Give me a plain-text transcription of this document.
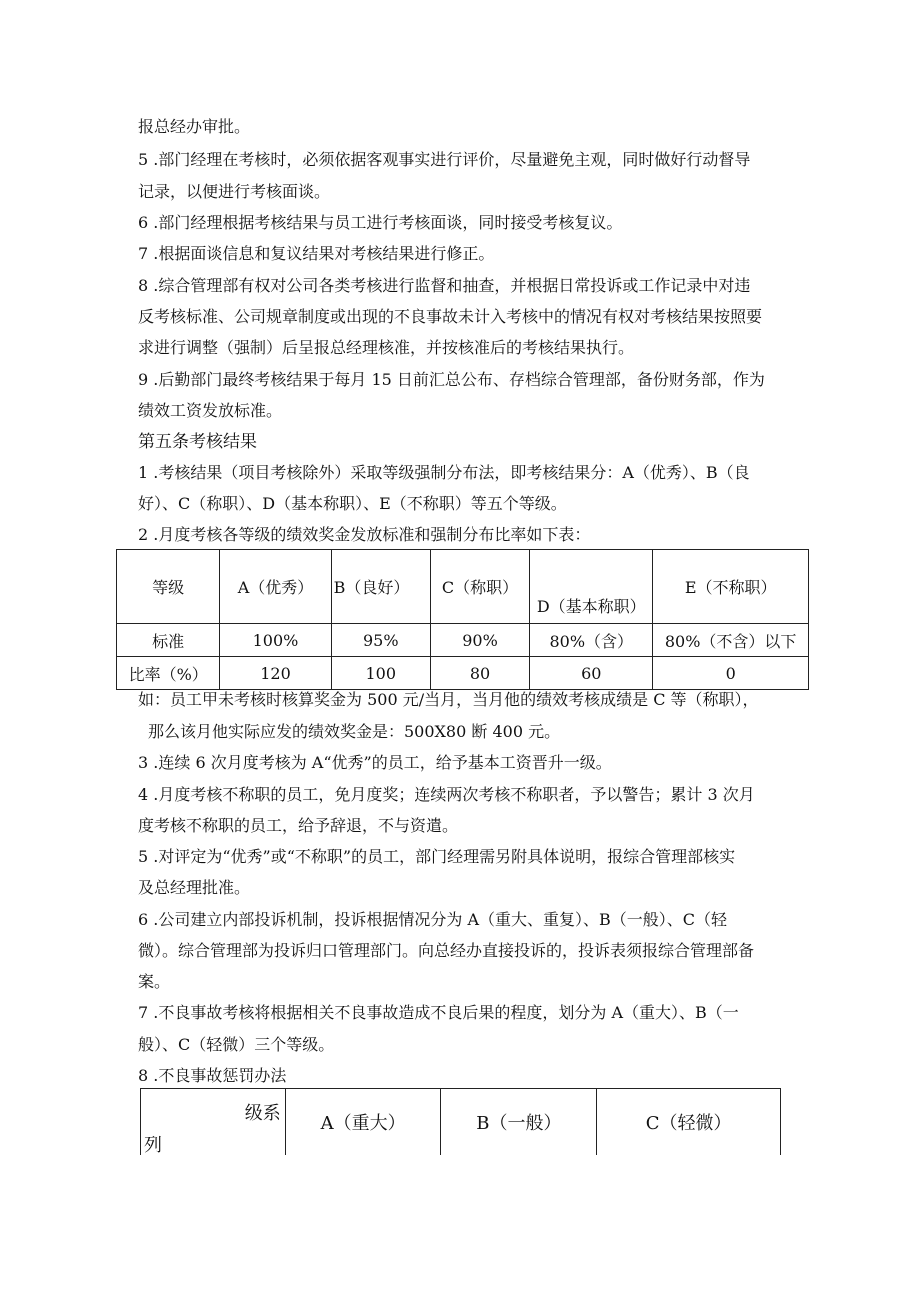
报总经办审批。
5 .部门经理在考核时，必须依据客观事实进行评价，尽量避免主观，同时做好行动督导
记录，以便进行考核面谈。
6 .部门经理根据考核结果与员工进行考核面谈，同时接受考核复议。
7 .根据面谈信息和复议结果对考核结果进行修正。
8 .综合管理部有权对公司各类考核进行监督和抽查，并根据日常投诉或工作记录中对违
反考核标准、公司规章制度或出现的不良事故未计入考核中的情况有权对考核结果按照要
求进行调整（强制）后呈报总经理核准，并按核准后的考核结果执行。
9 .后勤部门最终考核结果于每月 15 日前汇总公布、存档综合管理部，备份财务部，作为
绩效工资发放标准。
第五条考核结果
1 .考核结果（项目考核除外）采取等级强制分布法，即考核结果分：A（优秀）、B（良
好）、C（称职）、D（基本称职）、E（不称职）等五个等级。
2 .月度考核各等级的绩效奖金发放标准和强制分布比率如下表：
等级	A（优秀）	B（良好）	C（称职）	D（基本称职）	E（不称职）
标准	100%	95%	90%	80%（含）	80%（不含）以下
比率（%）	120	100	80	60	0
如：员工甲未考核时核算奖金为 500 元/当月，当月他的绩效考核成绩是 C 等（称职），
那么该月他实际应发的绩效奖金是：500X80 断 400 元。
3 .连续 6 次月度考核为 A“优秀”的员工，给予基本工资晋升一级。
4 .月度考核不称职的员工，免月度奖；连续两次考核不称职者，予以警告；累计 3 次月
度考核不称职的员工，给予辞退，不与资遣。
5 .对评定为“优秀”或“不称职”的员工，部门经理需另附具体说明，报综合管理部核实
及总经理批准。
6 .公司建立内部投诉机制，投诉根据情况分为 A（重大、重复）、B（一般）、C（轻
微）。综合管理部为投诉归口管理部门。向总经办直接投诉的，投诉表须报综合管理部备
案。
7 .不良事故考核将根据相关不良事故造成不良后果的程度，划分为 A（重大）、B（一
般）、C（轻微）三个等级。
8 .不良事故惩罚办法
级系
列
	A（重大）	B（一般）	C（轻微）
